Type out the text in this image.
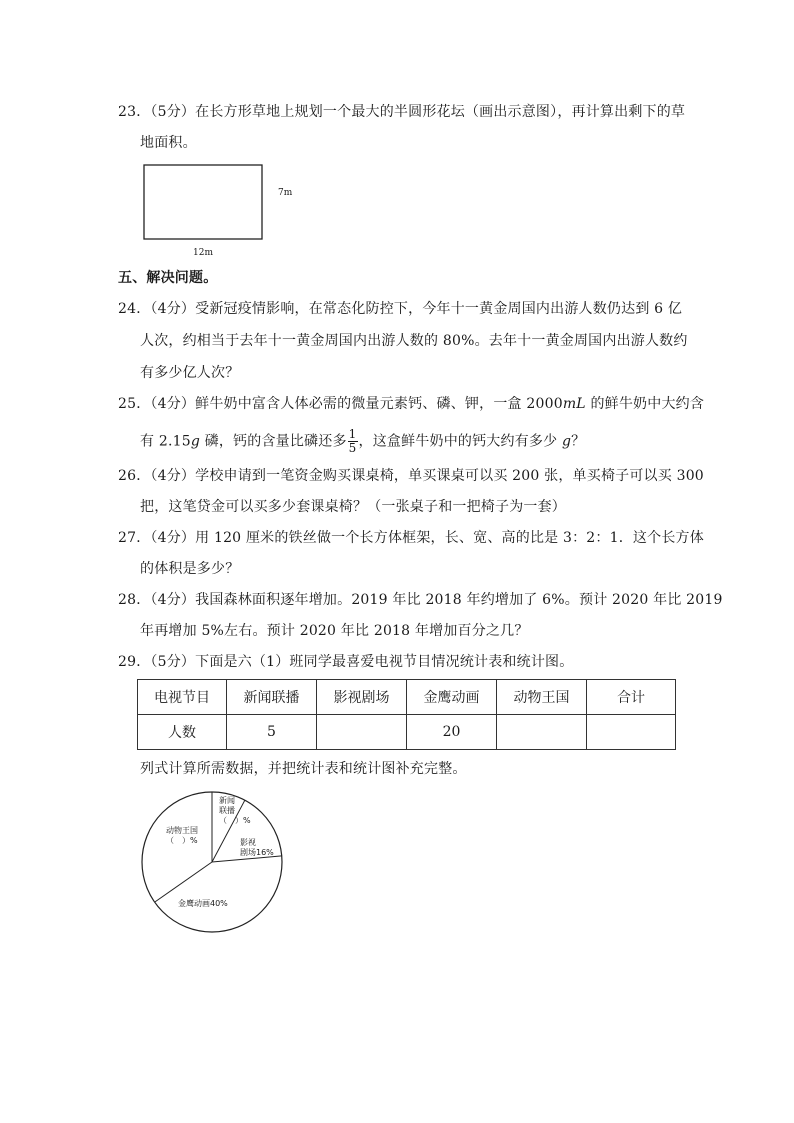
23．（5分）在长方形草地上规划一个最大的半圆形花坛（画出示意图），再计算出剩下的草
地面积。
7m
12m
五、解决问题。
24．（4分）受新冠疫情影响，在常态化防控下，今年十一黄金周国内出游人数仍达到 6 亿
人次，约相当于去年十一黄金周国内出游人数的 80%。去年十一黄金周国内出游人数约
有多少亿人次？
25．（4分）鲜牛奶中富含人体必需的微量元素钙、磷、钾，一盒 2000mL 的鲜牛奶中大约含
有 2.15g 磷，钙的含量比磷还多 $\frac{1}{5}$ ，这盒鲜牛奶中的钙大约有多少 g？
26．（4分）学校申请到一笔资金购买课桌椅，单买课桌可以买 200 张，单买椅子可以买 300
把，这笔贷金可以买多少套课桌椅？（一张桌子和一把椅子为一套）
27．（4分）用 120 厘米的铁丝做一个长方体框架，长、宽、高的比是 3：2：1．这个长方体
的体积是多少？
28．（4分）我国森林面积逐年增加。2019 年比 2018 年约增加了 6%。预计 2020 年比 2019
年再增加 5%左右。预计 2020 年比 2018 年增加百分之几？
29．（5分）下面是六（1）班同学最喜爱电视节目情况统计表和统计图。
电视节目	新闻联播	影视剧场	金鹰动画	动物王国	合计
人数	5		20		
列式计算所需数据，并把统计表和统计图补充完整。
新闻
联播
（　）%
影视
剧场16%
金鹰动画40%
动物王国
（　）%
